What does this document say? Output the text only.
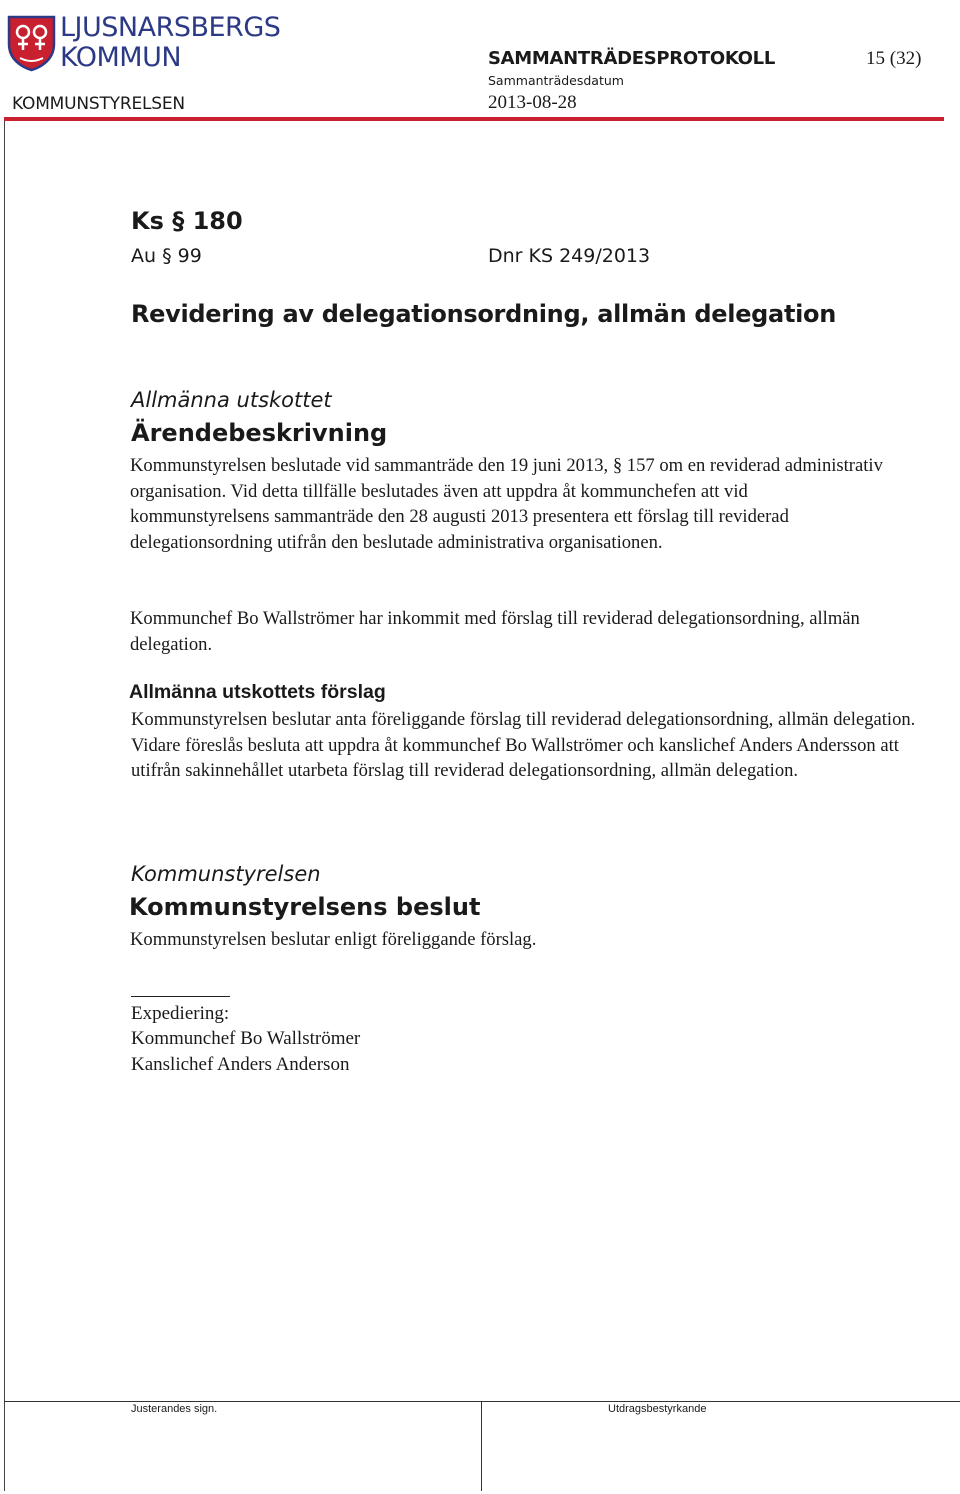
LJUSNARSBERGS
KOMMUN	SAMMANTRÄDESPROTOKOLL	15 (32)
Sammanträdesdatum
KOMMUNSTYRELSEN	2013-08-28
Ks § 180
Au § 99	Dnr KS 249/2013
Revidering av delegationsordning, allmän delegation
Allmänna utskottet
Ärendebeskrivning
Kommunstyrelsen beslutade vid sammanträde den 19 juni 2013, § 157 om en reviderad administrativ organisation. Vid detta tillfälle beslutades även att uppdra åt kommunchefen att vid kommunstyrelsens sammanträde den 28 augusti 2013 presentera ett förslag till reviderad delegationsordning utifrån den beslutade administrativa organisationen.
Kommunchef Bo Wallströmer har inkommit med förslag till reviderad delegationsordning, allmän delegation.
Allmänna utskottets förslag
Kommunstyrelsen beslutar anta föreliggande förslag till reviderad delegationsordning, allmän delegation. Vidare föreslås besluta att uppdra åt kommunchef Bo Wallströmer och kanslichef Anders Andersson att utifrån sakinnehållet utarbeta förslag till reviderad delegationsordning, allmän delegation.
Kommunstyrelsen
Kommunstyrelsens beslut
Kommunstyrelsen beslutar enligt föreliggande förslag.
Expediering:
Kommunchef Bo Wallströmer
Kanslichef Anders Anderson
Justerandes sign.	Utdragsbestyrkande
